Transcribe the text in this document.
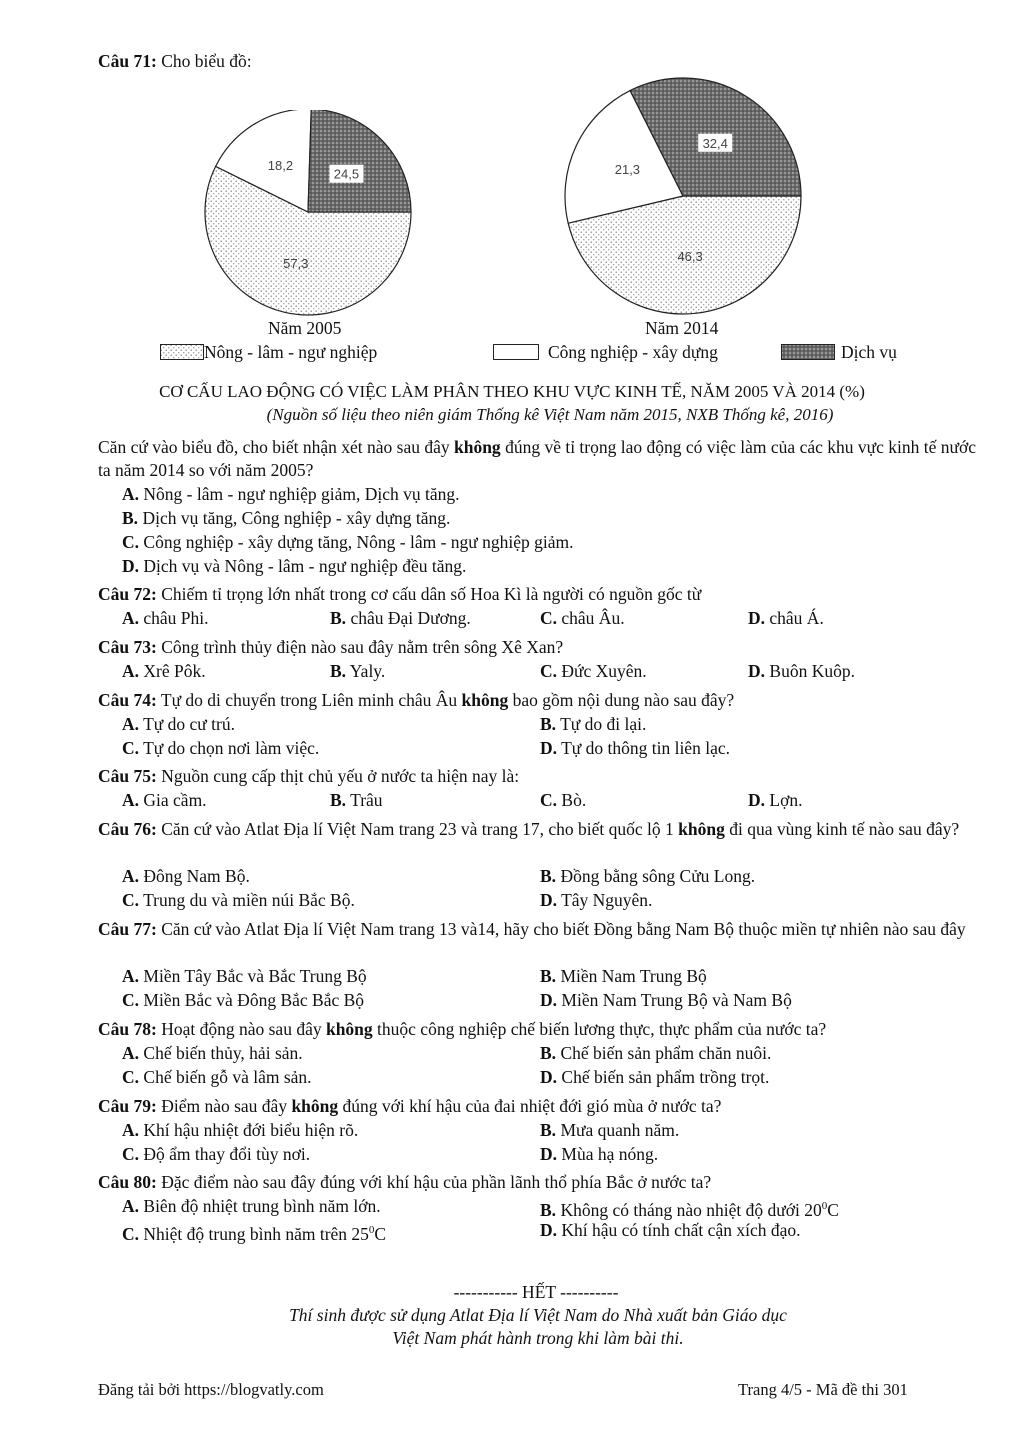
Câu 71: Cho biểu đồ:
57,3
18,2
24,5
46,3
21,3
32,4
Năm 2005	Năm 2014
Nông - lâm - ngư nghiệp	Công nghiệp - xây dựng	Dịch vụ
CƠ CẤU LAO ĐỘNG CÓ VIỆC LÀM PHÂN THEO KHU VỰC KINH TẾ, NĂM 2005 VÀ 2014 (%)
(Nguồn số liệu theo niên giám Thống kê Việt Nam năm 2015, NXB Thống kê, 2016)
Căn cứ vào biểu đồ, cho biết nhận xét nào sau đây không đúng về tỉ trọng lao động có việc làm của các khu vực kinh tế nước ta năm 2014 so với năm 2005?
A. Nông - lâm - ngư nghiệp giảm, Dịch vụ tăng.
B. Dịch vụ tăng, Công nghiệp - xây dựng tăng.
C. Công nghiệp - xây dựng tăng, Nông - lâm - ngư nghiệp giảm.
D. Dịch vụ và Nông - lâm - ngư nghiệp đều tăng.
Câu 72: Chiếm tỉ trọng lớn nhất trong cơ cấu dân số Hoa Kì là người có nguồn gốc từ
A. châu Phi.	B. châu Đại Dương.	C. châu Âu.	D. châu Á.
Câu 73: Công trình thủy điện nào sau đây nằm trên sông Xê Xan?
A. Xrê Pôk.	B. Yaly.	C. Đức Xuyên.	D. Buôn Kuôp.
Câu 74: Tự do di chuyển trong Liên minh châu Âu không bao gồm nội dung nào sau đây?
A. Tự do cư trú.	B. Tự do đi lại.
C. Tự do chọn nơi làm việc.	D. Tự do thông tin liên lạc.
Câu 75: Nguồn cung cấp thịt chủ yếu ở nước ta hiện nay là:
A. Gia cầm.	B. Trâu	C. Bò.	D. Lợn.
Câu 76: Căn cứ vào Atlat Địa lí Việt Nam trang 23 và trang 17, cho biết quốc lộ 1 không đi qua vùng kinh tế nào sau đây?
A. Đông Nam Bộ.	B. Đồng bằng sông Cửu Long.
C. Trung du và miền núi Bắc Bộ.	D. Tây Nguyên.
Câu 77: Căn cứ vào Atlat Địa lí Việt Nam trang 13 và14, hãy cho biết Đồng bằng Nam Bộ thuộc miền tự nhiên nào sau đây
A. Miền Tây Bắc và Bắc Trung Bộ	B. Miền Nam Trung Bộ
C. Miền Bắc và Đông Bắc Bắc Bộ	D. Miền Nam Trung Bộ và Nam Bộ
Câu 78: Hoạt động nào sau đây không thuộc công nghiệp chế biến lương thực, thực phẩm của nước ta?
A. Chế biến thủy, hải sản.	B. Chế biến sản phẩm chăn nuôi.
C. Chế biến gỗ và lâm sản.	D. Chế biến sản phẩm trồng trọt.
Câu 79: Điểm nào sau đây không đúng với khí hậu của đai nhiệt đới gió mùa ở nước ta?
A. Khí hậu nhiệt đới biểu hiện rõ.	B. Mưa quanh năm.
C. Độ ẩm thay đổi tùy nơi.	D. Mùa hạ nóng.
Câu 80: Đặc điểm nào sau đây đúng với khí hậu của phần lãnh thổ phía Bắc ở nước ta?
A. Biên độ nhiệt trung bình năm lớn.	B. Không có tháng nào nhiệt độ dưới $20^0C$
C. Nhiệt độ trung bình năm trên $25^0C$	D. Khí hậu có tính chất cận xích đạo.
----------- HẾT ----------
Thí sinh được sử dụng Atlat Địa lí Việt Nam do Nhà xuất bản Giáo dục
Việt Nam phát hành trong khi làm bài thi.
Đăng tải bởi https://blogvatly.com	Trang 4/5 - Mã đề thi 301
